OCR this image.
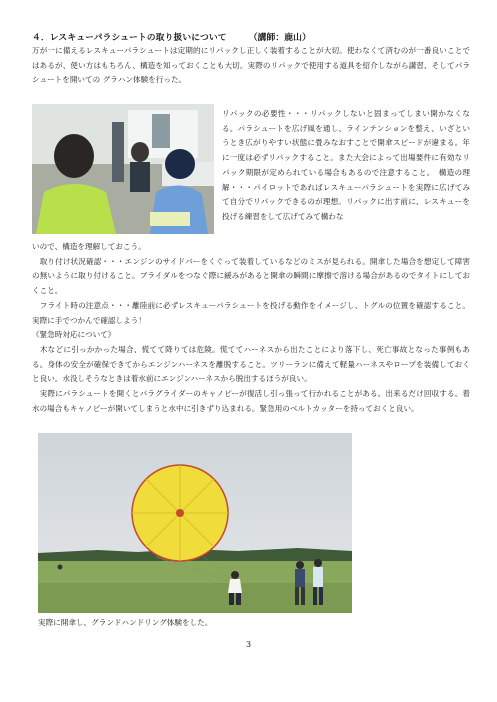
４．レスキューパラシュートの取り扱いについて	（講師：鹿山）
万が一に備えるレスキューパラシュートは定期的にリパックし正しく装着することが大切。使わなくて済むのが一番良いことではあるが、使い方はもちろん、構造を知っておくことも大切。実際のリパックで使用する道具を紹介しながら講習、そしてパラシュートを開いての グラハン体験を行った。
リパックの必要性・・・リパックしないと固まってしまい開かなくなる。パラシュートを広げ風を通し、ラインテンションを整え、いざというとき広がりやすい状態に畳みなおすことで開傘スピードが違まる。年に一度は必ずリパックすること。また大会によって出場要件に有効なリパック期限が定められている場合もあるので注意すること。　構造の理解・・・パイロットであればレスキューパラシュートを実際に広げてみて自分でリパックできるのが理想。リパックに出す前に、レスキューを投げる練習をして広げてみて構わな
いので、構造を理解しておこう。
　取り付け状況確認・・・エンジンのサイドバーをくぐって装着しているなどのミスが見られる。開傘した場合を想定して障害の無いように取り付けること。ブライダルをつなぐ際に緩みがあると開傘の瞬間に摩擦で溶ける場合があるのでタイトにしておくこと。
　フライト時の注意点・・・離陸前に必ずレスキューパラシュートを投げる動作をイメージし、トグルの位置を確認すること。実際に手でつかんで確認しよう！
《緊急時対応について》
　木などに引っかかった場合、慌てて降りては危険。慌ててハーネスから出たことにより落下し、死亡事故となった事例もある。身体の安全が確保できてからエンジンハーネスを離脱すること。ツリーランに備えて軽量ハーネスやロープを装備しておくと良い。水没しそうなときは着水前にエンジンハーネスから脱出するほうが良い。
　実際にパラシュートを開くとパラグライダーのキャノピーが復活し引っ張って行かれることがある。出来るだけ回収する。着水の場合もキャノピーが開いてしまうと水中に引きずり込まれる。緊急用のベルトカッターを持っておくと良い。
実際に開傘し、グランドハンドリング体験をした。
3
